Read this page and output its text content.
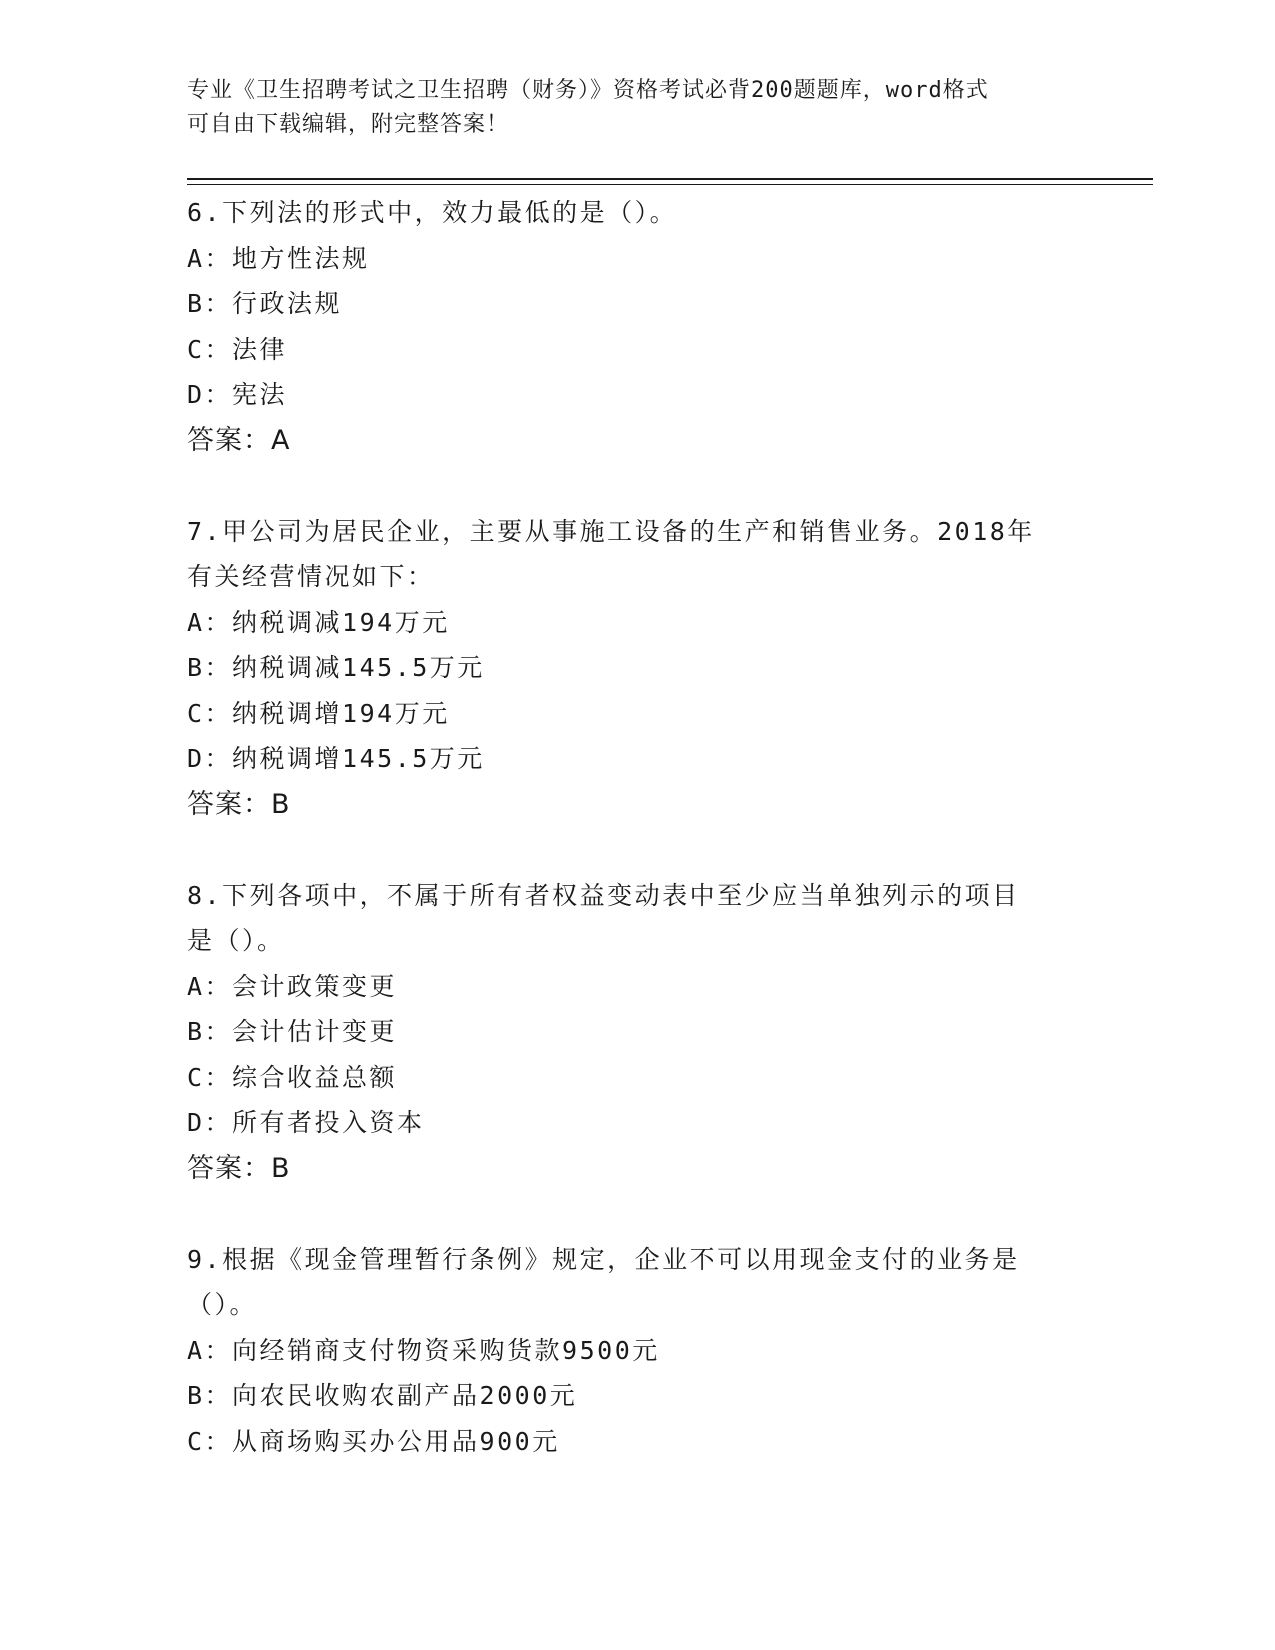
专业《卫生招聘考试之卫生招聘（财务）》资格考试必背200题题库，word格式
可自由下载编辑，附完整答案！
6.下列法的形式中，效力最低的是（）。
A：地方性法规
B：行政法规
C：法律
D：宪法
答案：A
7.甲公司为居民企业，主要从事施工设备的生产和销售业务。2018年
有关经营情况如下：
A：纳税调减194万元
B：纳税调减145.5万元
C：纳税调增194万元
D：纳税调增145.5万元
答案：B
8.下列各项中，不属于所有者权益变动表中至少应当单独列示的项目
是（）。
A：会计政策变更
B：会计估计变更
C：综合收益总额
D：所有者投入资本
答案：B
9.根据《现金管理暂行条例》规定，企业不可以用现金支付的业务是
（）。
A：向经销商支付物资采购货款9500元
B：向农民收购农副产品2000元
C：从商场购买办公用品900元
